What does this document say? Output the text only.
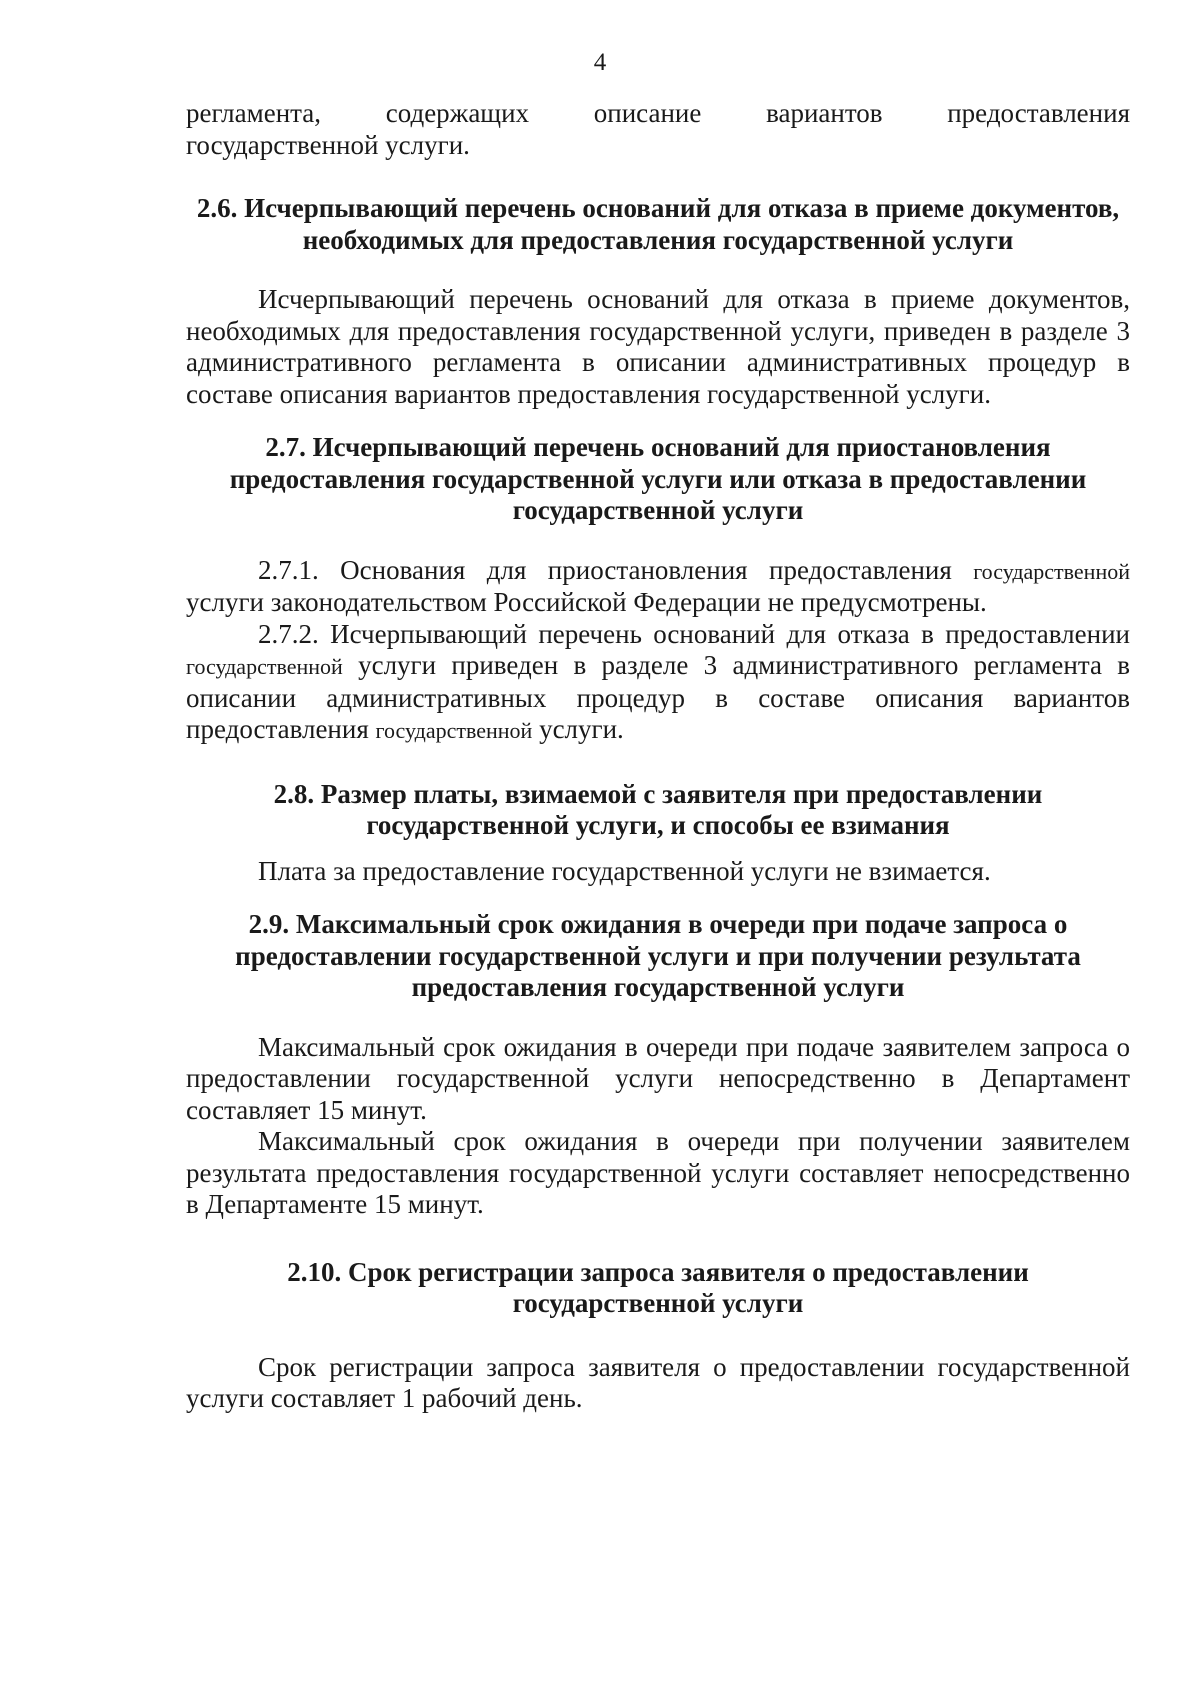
4

регламента, содержащих описание вариантов предоставления

государственной услуги.

2.6. Исчерпывающий перечень оснований для отказа в приеме документов, необходимых для предоставления государственной услуги

Исчерпывающий перечень оснований для отказа в приеме документов, необходимых для предоставления государственной услуги, приведен в разделе 3 административного регламента в описании административных процедур в составе описания вариантов предоставления государственной услуги.

2.7. Исчерпывающий перечень оснований для приостановления предоставления государственной услуги или отказа в предоставлении государственной услуги

2.7.1. Основания для приостановления предоставления государственной услуги законодательством Российской Федерации не предусмотрены.

2.7.2. Исчерпывающий перечень оснований для отказа в предоставлении государственной услуги приведен в разделе 3 административного регламента в описании административных процедур в составе описания вариантов предоставления государственной услуги.

2.8. Размер платы, взимаемой с заявителя при предоставлении государственной услуги, и способы ее взимания

Плата за предоставление государственной услуги не взимается.

2.9. Максимальный срок ожидания в очереди при подаче запроса о предоставлении государственной услуги и при получении результата предоставления государственной услуги

Максимальный срок ожидания в очереди при подаче заявителем запроса о предоставлении государственной услуги непосредственно в Департамент составляет 15 минут.

Максимальный срок ожидания в очереди при получении заявителем результата предоставления государственной услуги составляет непосредственно в Департаменте 15 минут.

2.10. Срок регистрации запроса заявителя о предоставлении государственной услуги

Срок регистрации запроса заявителя о предоставлении государственной услуги составляет 1 рабочий день.
